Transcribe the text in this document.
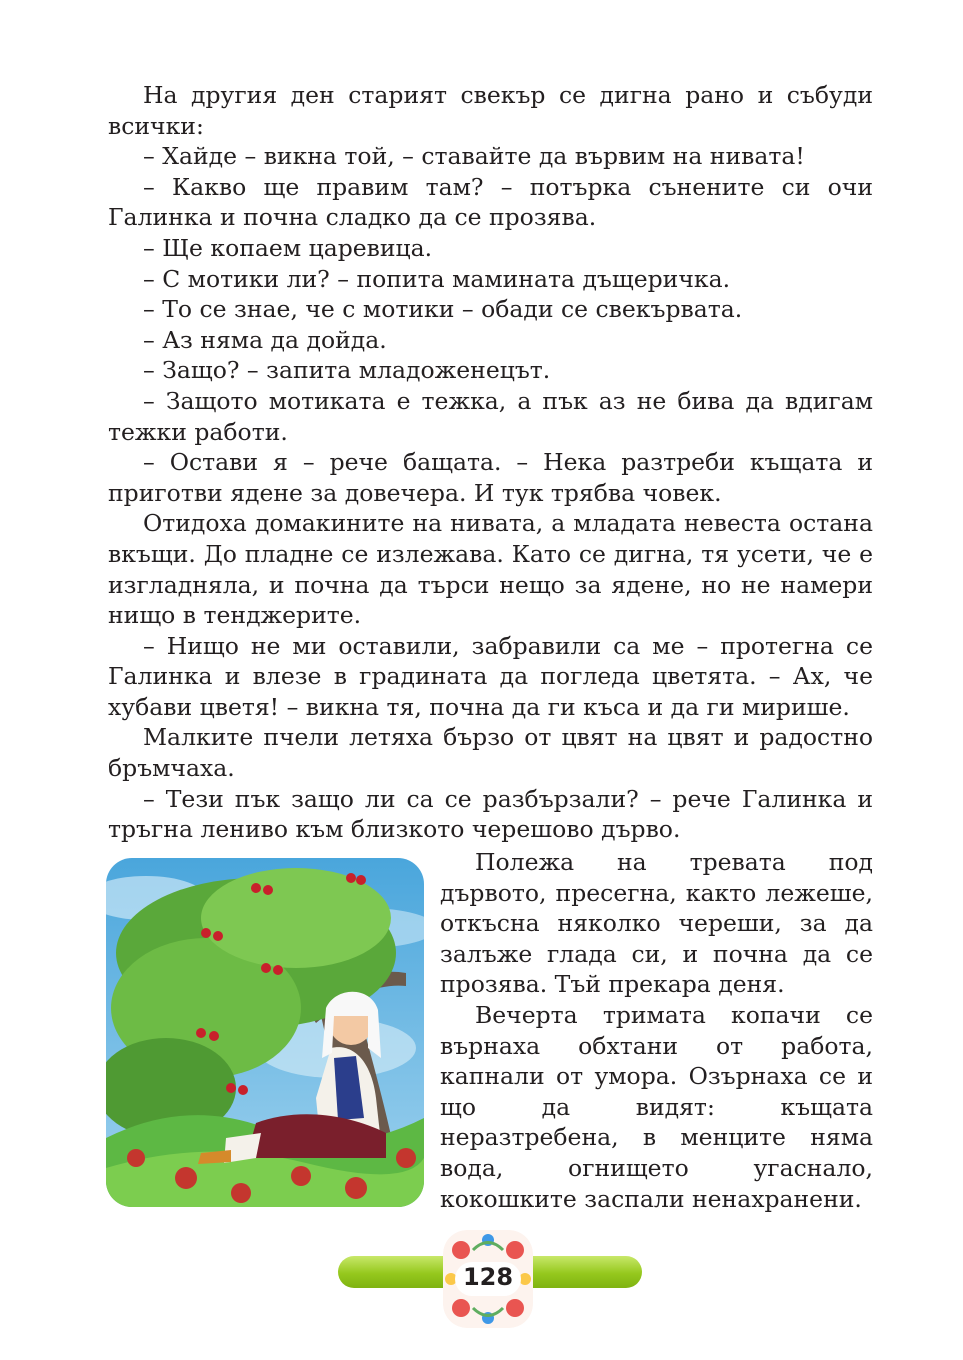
На другия ден старият свекър се дигна рано и събуди всички:

– Хайде – викна той, – ставайте да вървим на нивата!

– Какво ще правим там? – потърка сънените си очи Галинка и почна сладко да се прозява.

– Ще копаем царевица.

– С мотики ли? – попита мамината дъщеричка.

– То се знае, че с мотики – обади се свекървата.

– Аз няма да дойда.

– Защо? – запита младоженецът.

– Защото мотиката е тежка, а пък аз не бива да вдигам тежки работи.

– Остави я – рече бащата. – Нека разтреби къщата и приготви ядене за довечера. И тук трябва човек.

Отидоха домакините на нивата, а младата невеста остана вкъщи. До пладне се излежава. Като се дигна, тя усети, че е изгладняла, и почна да търси нещо за ядене, но не намери нищо в тенджерите.

– Нищо не ми оставили, забравили са ме – протегна се Галинка и влезе в градината да погледа цветята. – Ах, че хубави цветя! – викна тя, почна да ги къса и да ги мирише.

Малките пчели летяха бързо от цвят на цвят и радостно бръмчаха.

– Тези пък защо ли са се разбързали? – рече Галинка и тръгна лениво към близкото черешово дърво.

Полежа на тревата под дървото, пресегна, както лежеше, откъсна няколко череши, за да залъже глада си, и почна да се прозява. Тъй прекара деня.

Вечерта тримата копачи се върнаха обхтани от работа, капнали от умора. Озърнаха се и що да видят: къщата неразтребена, в менците няма вода, огнището угаснало, кокошките заспали ненахранени.

128
